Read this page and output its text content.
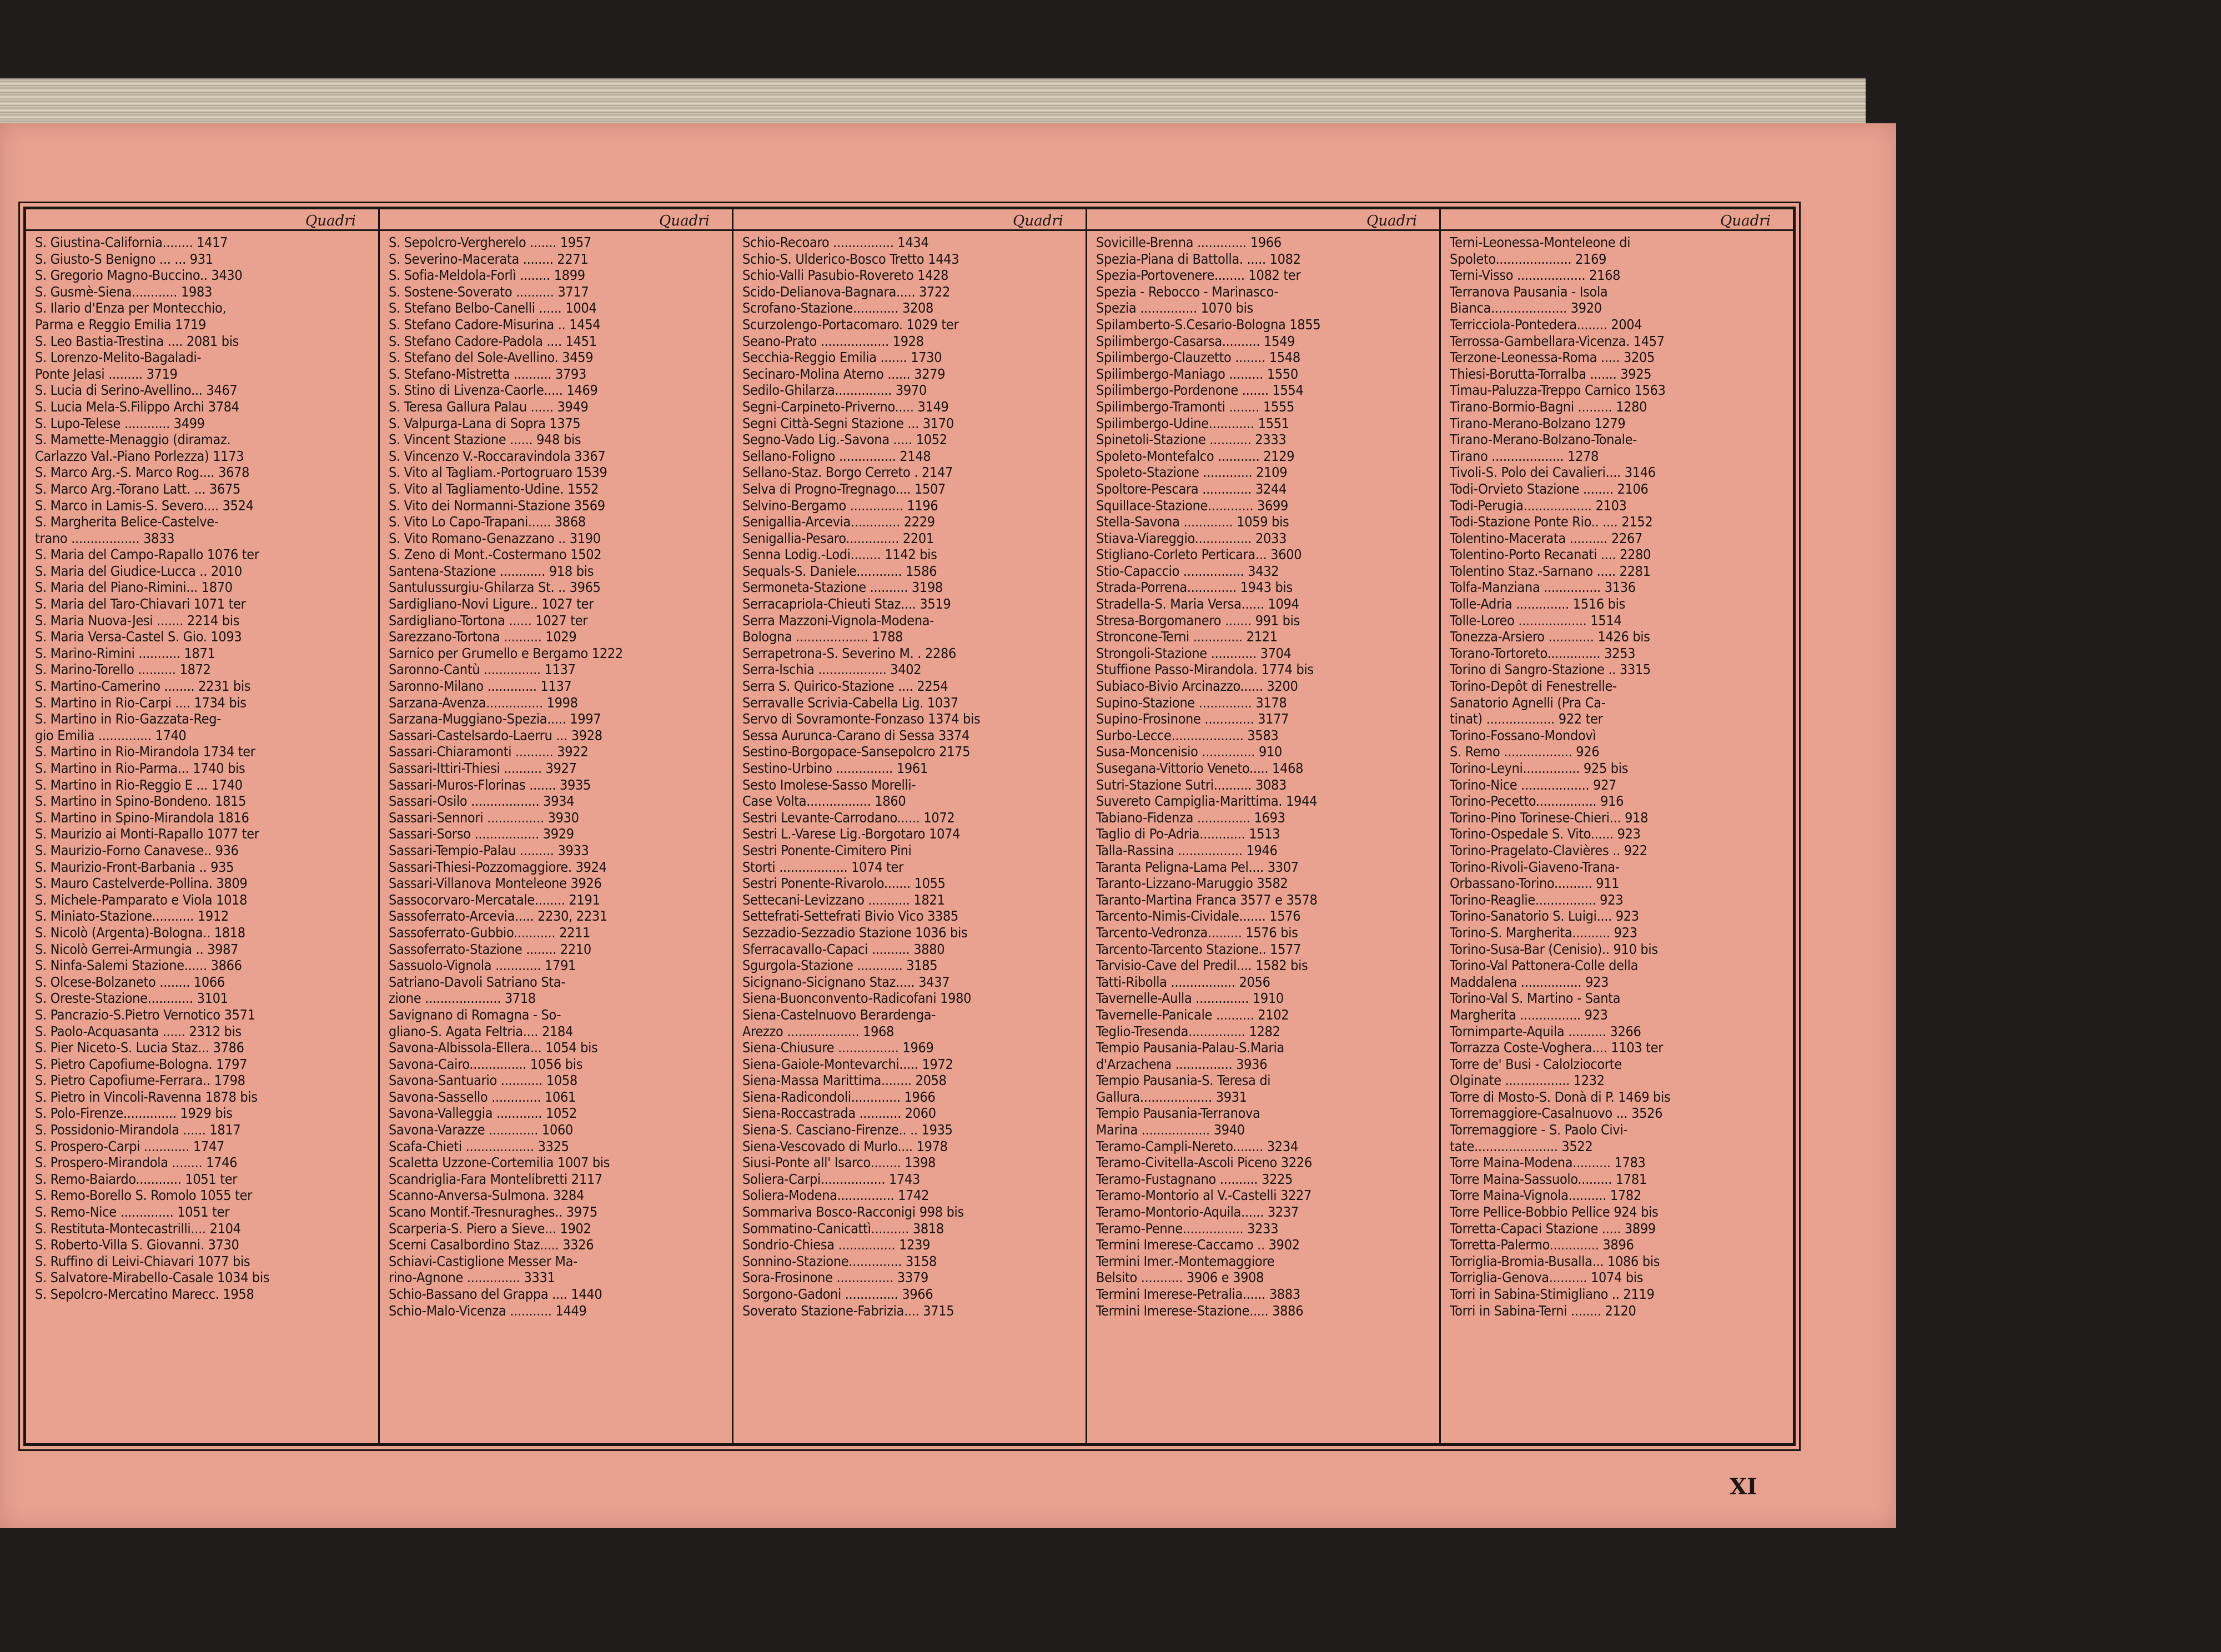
Quadri
S. Giustina-California........ 1417
S. Giusto-S Benigno ... ... 931
S. Gregorio Magno-Buccino.. 3430
S. Gusmè-Siena............ 1983
S. Ilario d'Enza per Montecchio,
Parma e Reggio Emilia 1719
S. Leo Bastia-Trestina .... 2081 bis
S. Lorenzo-Melito-Bagaladi-
Ponte Jelasi ......... 3719
S. Lucia di Serino-Avellino... 3467
S. Lucia Mela-S.Filippo Archi 3784
S. Lupo-Telese ............ 3499
S. Mamette-Menaggio (diramaz.
Carlazzo Val.-Piano Porlezza) 1173
S. Marco Arg.-S. Marco Rog.... 3678
S. Marco Arg.-Torano Latt. ... 3675
S. Marco in Lamis-S. Severo.... 3524
S. Margherita Belice-Castelve-
trano .................. 3833
S. Maria del Campo-Rapallo 1076 ter
S. Maria del Giudice-Lucca .. 2010
S. Maria del Piano-Rimini... 1870
S. Maria del Taro-Chiavari 1071 ter
S. Maria Nuova-Jesi ....... 2214 bis
S. Maria Versa-Castel S. Gio. 1093
S. Marino-Rimini ........... 1871
S. Marino-Torello .......... 1872
S. Martino-Camerino ........ 2231 bis
S. Martino in Rio-Carpi .... 1734 bis
S. Martino in Rio-Gazzata-Reg-
gio Emilia .............. 1740
S. Martino in Rio-Mirandola 1734 ter
S. Martino in Rio-Parma... 1740 bis
S. Martino in Rio-Reggio E ... 1740
S. Martino in Spino-Bondeno. 1815
S. Martino in Spino-Mirandola 1816
S. Maurizio ai Monti-Rapallo 1077 ter
S. Maurizio-Forno Canavese.. 936
S. Maurizio-Front-Barbania .. 935
S. Mauro Castelverde-Pollina. 3809
S. Michele-Pamparato e Viola 1018
S. Miniato-Stazione........... 1912
S. Nicolò (Argenta)-Bologna.. 1818
S. Nicolò Gerrei-Armungia .. 3987
S. Ninfa-Salemi Stazione...... 3866
S. Olcese-Bolzaneto ........ 1066
S. Oreste-Stazione............ 3101
S. Pancrazio-S.Pietro Vernotico 3571
S. Paolo-Acquasanta ...... 2312 bis
S. Pier Niceto-S. Lucia Staz... 3786
S. Pietro Capofiume-Bologna. 1797
S. Pietro Capofiume-Ferrara.. 1798
S. Pietro in Vincoli-Ravenna 1878 bis
S. Polo-Firenze.............. 1929 bis
S. Possidonio-Mirandola ...... 1817
S. Prospero-Carpi ............ 1747
S. Prospero-Mirandola ........ 1746
S. Remo-Baiardo............ 1051 ter
S. Remo-Borello S. Romolo 1055 ter
S. Remo-Nice .............. 1051 ter
S. Restituta-Montecastrilli.... 2104
S. Roberto-Villa S. Giovanni. 3730
S. Ruffino di Leivi-Chiavari 1077 bis
S. Salvatore-Mirabello-Casale 1034 bis
S. Sepolcro-Mercatino Marecc. 1958
Quadri
S. Sepolcro-Vergherelo ....... 1957
S. Severino-Macerata ........ 2271
S. Sofia-Meldola-Forlì ........ 1899
S. Sostene-Soverato .......... 3717
S. Stefano Belbo-Canelli ...... 1004
S. Stefano Cadore-Misurina .. 1454
S. Stefano Cadore-Padola .... 1451
S. Stefano del Sole-Avellino. 3459
S. Stefano-Mistretta .......... 3793
S. Stino di Livenza-Caorle..... 1469
S. Teresa Gallura Palau ...... 3949
S. Valpurga-Lana di Sopra 1375
S. Vincent Stazione ...... 948 bis
S. Vincenzo V.-Roccaravindola 3367
S. Vito al Tagliam.-Portogruaro 1539
S. Vito al Tagliamento-Udine. 1552
S. Vito dei Normanni-Stazione 3569
S. Vito Lo Capo-Trapani...... 3868
S. Vito Romano-Genazzano .. 3190
S. Zeno di Mont.-Costermano 1502
Santena-Stazione ............ 918 bis
Santulussurgiu-Ghilarza St. .. 3965
Sardigliano-Novi Ligure.. 1027 ter
Sardigliano-Tortona ...... 1027 ter
Sarezzano-Tortona .......... 1029
Sarnico per Grumello e Bergamo 1222
Saronno-Cantù ............... 1137
Saronno-Milano ............. 1137
Sarzana-Avenza............... 1998
Sarzana-Muggiano-Spezia..... 1997
Sassari-Castelsardo-Laerru ... 3928
Sassari-Chiaramonti .......... 3922
Sassari-Ittiri-Thiesi .......... 3927
Sassari-Muros-Florinas ....... 3935
Sassari-Osilo .................. 3934
Sassari-Sennori ............... 3930
Sassari-Sorso ................. 3929
Sassari-Tempio-Palau ......... 3933
Sassari-Thiesi-Pozzomaggiore. 3924
Sassari-Villanova Monteleone 3926
Sassocorvaro-Mercatale........ 2191
Sassoferrato-Arcevia..... 2230, 2231
Sassoferrato-Gubbio........... 2211
Sassoferrato-Stazione ........ 2210
Sassuolo-Vignola ............ 1791
Satriano-Davoli Satriano Sta-
zione .................... 3718
Savignano di Romagna - So-
gliano-S. Agata Feltria.... 2184
Savona-Albissola-Ellera... 1054 bis
Savona-Cairo............... 1056 bis
Savona-Santuario ........... 1058
Savona-Sassello ............. 1061
Savona-Valleggia ............ 1052
Savona-Varazze ............. 1060
Scafa-Chieti .................. 3325
Scaletta Uzzone-Cortemilia 1007 bis
Scandriglia-Fara Montelibretti 2117
Scanno-Anversa-Sulmona. 3284
Scano Montif.-Tresnuraghes.. 3975
Scarperia-S. Piero a Sieve... 1902
Scerni Casalbordino Staz..... 3326
Schiavi-Castiglione Messer Ma-
rino-Agnone .............. 3331
Schio-Bassano del Grappa .... 1440
Schio-Malo-Vicenza ........... 1449
Quadri
Schio-Recoaro ................ 1434
Schio-S. Ulderico-Bosco Tretto 1443
Schio-Valli Pasubio-Rovereto 1428
Scido-Delianova-Bagnara..... 3722
Scrofano-Stazione............ 3208
Scurzolengo-Portacomaro. 1029 ter
Seano-Prato .................. 1928
Secchia-Reggio Emilia ....... 1730
Secinaro-Molina Aterno ...... 3279
Sedilo-Ghilarza............... 3970
Segni-Carpineto-Priverno..... 3149
Segni Città-Segni Stazione ... 3170
Segno-Vado Lig.-Savona ..... 1052
Sellano-Foligno ............... 2148
Sellano-Staz. Borgo Cerreto . 2147
Selva di Progno-Tregnago.... 1507
Selvino-Bergamo .............. 1196
Senigallia-Arcevia............. 2229
Senigallia-Pesaro.............. 2201
Senna Lodig.-Lodi........ 1142 bis
Sequals-S. Daniele............ 1586
Sermoneta-Stazione .......... 3198
Serracapriola-Chieuti Staz.... 3519
Serra Mazzoni-Vignola-Modena-
Bologna ................... 1788
Serrapetrona-S. Severino M. . 2286
Serra-Ischia .................. 3402
Serra S. Quirico-Stazione .... 2254
Serravalle Scrivia-Cabella Lig. 1037
Servo di Sovramonte-Fonzaso 1374 bis
Sessa Aurunca-Carano di Sessa 3374
Sestino-Borgopace-Sansepolcro 2175
Sestino-Urbino ............... 1961
Sesto Imolese-Sasso Morelli-
Case Volta................. 1860
Sestri Levante-Carrodano...... 1072
Sestri L.-Varese Lig.-Borgotaro 1074
Sestri Ponente-Cimitero Pini
Storti .................. 1074 ter
Sestri Ponente-Rivarolo....... 1055
Settecani-Levizzano ........... 1821
Settefrati-Settefrati Bivio Vico 3385
Sezzadio-Sezzadio Stazione 1036 bis
Sferracavallo-Capaci .......... 3880
Sgurgola-Stazione ............ 3185
Sicignano-Sicignano Staz..... 3437
Siena-Buonconvento-Radicofani 1980
Siena-Castelnuovo Berardenga-
Arezzo ................... 1968
Siena-Chiusure ................ 1969
Siena-Gaiole-Montevarchi..... 1972
Siena-Massa Marittima........ 2058
Siena-Radicondoli............. 1966
Siena-Roccastrada ........... 2060
Siena-S. Casciano-Firenze.. .. 1935
Siena-Vescovado di Murlo.... 1978
Siusi-Ponte all' Isarco........ 1398
Soliera-Carpi................. 1743
Soliera-Modena............... 1742
Sommariva Bosco-Racconigi 998 bis
Sommatino-Canicattì.......... 3818
Sondrio-Chiesa ............... 1239
Sonnino-Stazione.............. 3158
Sora-Frosinone ............... 3379
Sorgono-Gadoni .............. 3966
Soverato Stazione-Fabrizia.... 3715
Quadri
Sovicille-Brenna ............. 1966
Spezia-Piana di Battolla. ..... 1082
Spezia-Portovenere........ 1082 ter
Spezia - Rebocco - Marinasco-
Spezia ............... 1070 bis
Spilamberto-S.Cesario-Bologna 1855
Spilimbergo-Casarsa.......... 1549
Spilimbergo-Clauzetto ........ 1548
Spilimbergo-Maniago ......... 1550
Spilimbergo-Pordenone ....... 1554
Spilimbergo-Tramonti ........ 1555
Spilimbergo-Udine............ 1551
Spinetoli-Stazione ........... 2333
Spoleto-Montefalco ........... 2129
Spoleto-Stazione ............. 2109
Spoltore-Pescara ............. 3244
Squillace-Stazione............ 3699
Stella-Savona ............. 1059 bis
Stiava-Viareggio............... 2033
Stigliano-Corleto Perticara... 3600
Stio-Capaccio ................ 3432
Strada-Porrena............. 1943 bis
Stradella-S. Maria Versa...... 1094
Stresa-Borgomanero ....... 991 bis
Stroncone-Terni ............. 2121
Strongoli-Stazione ............ 3704
Stuffione Passo-Mirandola. 1774 bis
Subiaco-Bivio Arcinazzo...... 3200
Supino-Stazione .............. 3178
Supino-Frosinone ............. 3177
Surbo-Lecce................... 3583
Susa-Moncenisio .............. 910
Susegana-Vittorio Veneto..... 1468
Sutri-Stazione Sutri.......... 3083
Suvereto Campiglia-Marittima. 1944
Tabiano-Fidenza .............. 1693
Taglio di Po-Adria............ 1513
Talla-Rassina ................. 1946
Taranta Peligna-Lama Pel.... 3307
Taranto-Lizzano-Maruggio 3582
Taranto-Martina Franca 3577 e 3578
Tarcento-Nimis-Cividale....... 1576
Tarcento-Vedronza......... 1576 bis
Tarcento-Tarcento Stazione.. 1577
Tarvisio-Cave del Predil.... 1582 bis
Tatti-Ribolla ................. 2056
Tavernelle-Aulla .............. 1910
Tavernelle-Panicale .......... 2102
Teglio-Tresenda............... 1282
Tempio Pausania-Palau-S.Maria
d'Arzachena ............... 3936
Tempio Pausania-S. Teresa di
Gallura................... 3931
Tempio Pausania-Terranova
Marina .................. 3940
Teramo-Campli-Nereto........ 3234
Teramo-Civitella-Ascoli Piceno 3226
Teramo-Fustagnano .......... 3225
Teramo-Montorio al V.-Castelli 3227
Teramo-Montorio-Aquila...... 3237
Teramo-Penne................ 3233
Termini Imerese-Caccamo .. 3902
Termini Imer.-Montemaggiore
Belsito ........... 3906 e 3908
Termini Imerese-Petralia...... 3883
Termini Imerese-Stazione..... 3886
Quadri
Terni-Leonessa-Monteleone di
Spoleto.................... 2169
Terni-Visso .................. 2168
Terranova Pausania - Isola
Bianca.................... 3920
Terricciola-Pontedera........ 2004
Terrossa-Gambellara-Vicenza. 1457
Terzone-Leonessa-Roma ..... 3205
Thiesi-Borutta-Torralba ....... 3925
Timau-Paluzza-Treppo Carnico 1563
Tirano-Bormio-Bagni ......... 1280
Tirano-Merano-Bolzano 1279
Tirano-Merano-Bolzano-Tonale-
Tirano ................... 1278
Tivoli-S. Polo dei Cavalieri.... 3146
Todi-Orvieto Stazione ........ 2106
Todi-Perugia.................. 2103
Todi-Stazione Ponte Rio.. .... 2152
Tolentino-Macerata .......... 2267
Tolentino-Porto Recanati .... 2280
Tolentino Staz.-Sarnano ..... 2281
Tolfa-Manziana ............... 3136
Tolle-Adria .............. 1516 bis
Tolle-Loreo .................. 1514
Tonezza-Arsiero ............ 1426 bis
Torano-Tortoreto.............. 3253
Torino di Sangro-Stazione .. 3315
Torino-Depôt di Fenestrelle-
Sanatorio Agnelli (Pra Ca-
tinat) .................. 922 ter
Torino-Fossano-Mondovì
S. Remo .................. 926
Torino-Leyni............... 925 bis
Torino-Nice .................. 927
Torino-Pecetto................ 916
Torino-Pino Torinese-Chieri... 918
Torino-Ospedale S. Vito...... 923
Torino-Pragelato-Clavières .. 922
Torino-Rivoli-Giaveno-Trana-
Orbassano-Torino.......... 911
Torino-Reaglie................ 923
Torino-Sanatorio S. Luigi.... 923
Torino-S. Margherita.......... 923
Torino-Susa-Bar (Cenisio).. 910 bis
Torino-Val Pattonera-Colle della
Maddalena ................ 923
Torino-Val S. Martino - Santa
Margherita ................ 923
Tornimparte-Aquila .......... 3266
Torrazza Coste-Voghera.... 1103 ter
Torre de' Busi - Calolziocorte
Olginate ................. 1232
Torre di Mosto-S. Donà di P. 1469 bis
Torremaggiore-Casalnuovo ... 3526
Torremaggiore - S. Paolo Civi-
tate...................... 3522
Torre Maina-Modena.......... 1783
Torre Maina-Sassuolo......... 1781
Torre Maina-Vignola.......... 1782
Torre Pellice-Bobbio Pellice 924 bis
Torretta-Capaci Stazione ..... 3899
Torretta-Palermo............. 3896
Torriglia-Bromia-Busalla... 1086 bis
Torriglia-Genova.......... 1074 bis
Torri in Sabina-Stimigliano .. 2119
Torri in Sabina-Terni ........ 2120
XI
